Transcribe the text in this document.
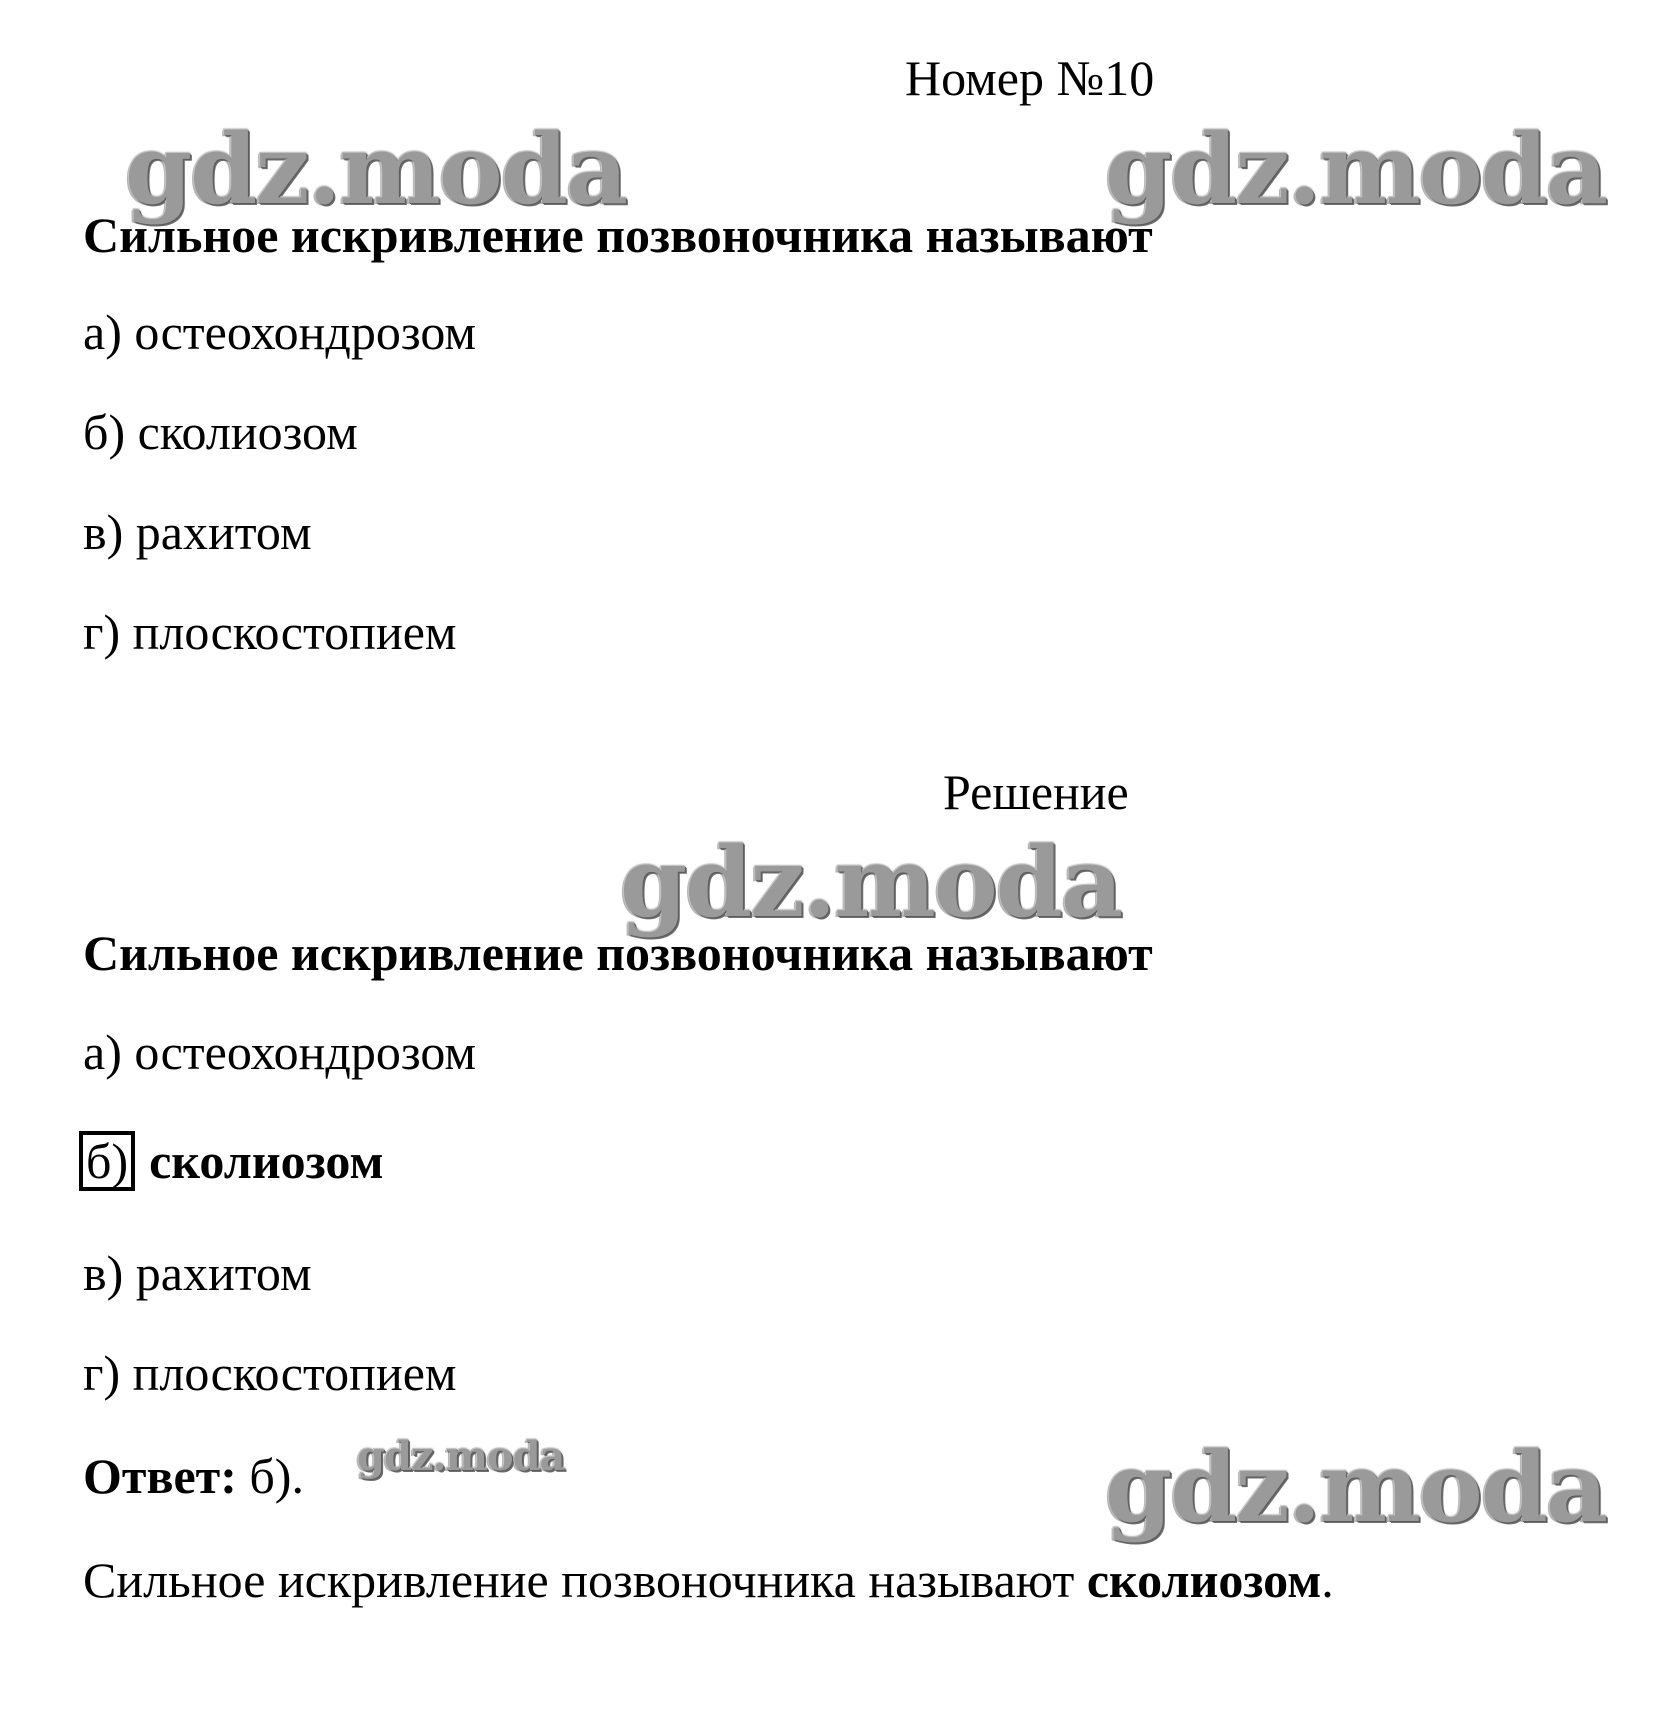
Номер №10
gdz.moda	gdz.moda
Сильное искривление позвоночника называют
а) остеохондрозом
б) сколиозом
в) рахитом
г) плоскостопием
Решение
gdz.moda
Сильное искривление позвоночника называют
а) остеохондрозом
б) сколиозом
в) рахитом
г) плоскостопием
Ответ: б). gdz.moda	gdz.moda
Сильное искривление позвоночника называют сколиозом.
